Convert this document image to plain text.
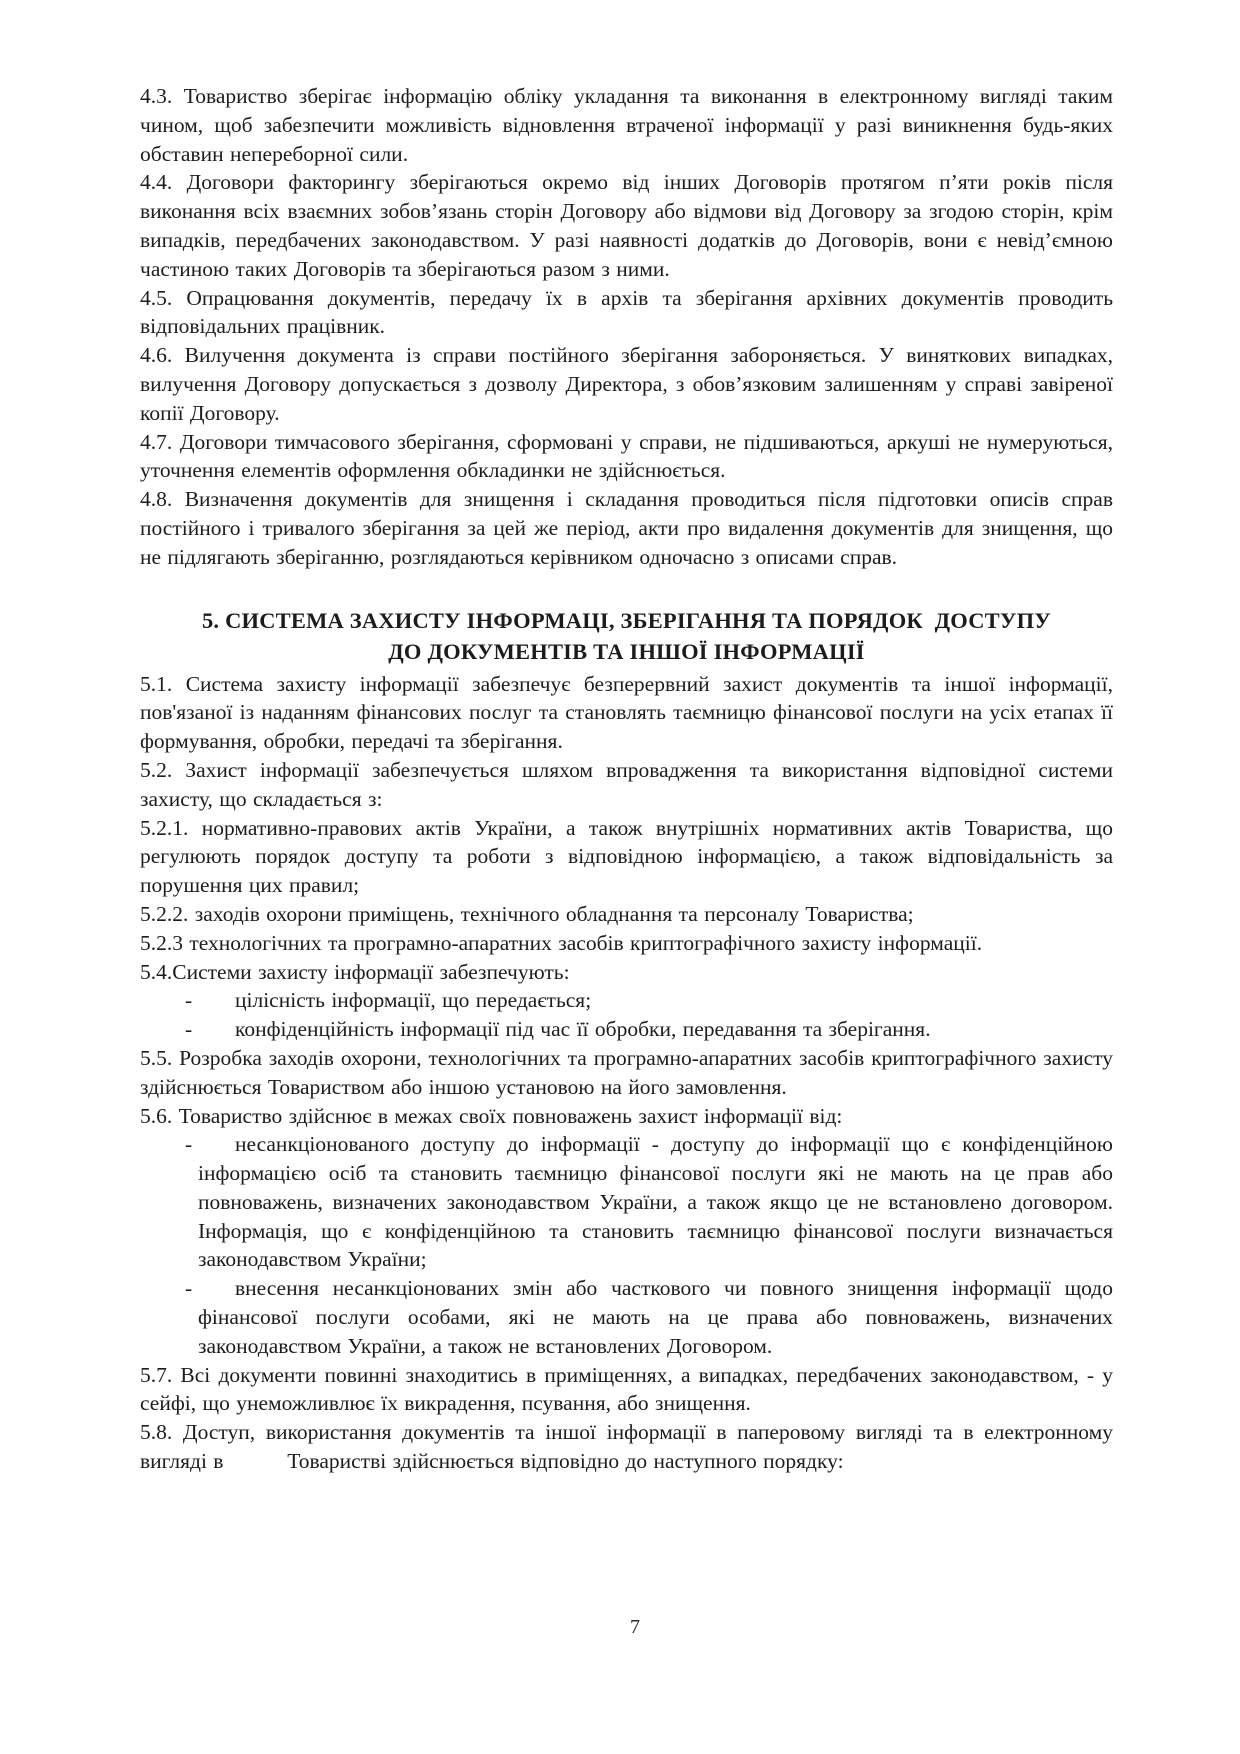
4.3. Товариство зберігає інформацію обліку укладання та виконання в електронному вигляді таким чином, щоб забезпечити можливість відновлення втраченої інформації у разі виникнення будь-яких обставин непереборної сили.

4.4. Договори факторингу зберігаються окремо від інших Договорів протягом п’яти років після виконання всіх взаємних зобов’язань сторін Договору або відмови від Договору за згодою сторін, крім випадків, передбачених законодавством. У разі наявності додатків до Договорів, вони є невід’ємною частиною таких Договорів та зберігаються разом з ними.

4.5. Опрацювання документів, передачу їх в архів та зберігання архівних документів проводить відповідальних працівник.

4.6. Вилучення документа із справи постійного зберігання забороняється. У виняткових випадках, вилучення Договору допускається з дозволу Директора, з обов’язковим залишенням у справі завіреної копії Договору.

4.7. Договори тимчасового зберігання, сформовані у справи, не підшиваються, аркуші не нумеруються, уточнення елементів оформлення обкладинки не здійснюється.

4.8. Визначення документів для знищення і складання проводиться після підготовки описів справ постійного і тривалого зберігання за цей же період, акти про видалення документів для знищення, що не підлягають зберіганню, розглядаються керівником одночасно з описами справ.

5. СИСТЕМА ЗАХИСТУ ІНФОРМАЦІ, ЗБЕРІГАННЯ ТА ПОРЯДОК  ДОСТУПУ
ДО ДОКУМЕНТІВ ТА ІНШОЇ ІНФОРМАЦІЇ

5.1. Система захисту інформації забезпечує безперервний захист документів та іншої інформації, пов'язаної із наданням фінансових послуг та становлять таємницю фінансової послуги на усіх етапах її формування, обробки, передачі та зберігання.

5.2. Захист інформації забезпечується шляхом впровадження та використання відповідної системи захисту, що складається з:

5.2.1. нормативно-правових актів України, а також внутрішніх нормативних актів Товариства, що регулюють порядок доступу та роботи з відповідною інформацією, а також відповідальність за порушення цих правил;

5.2.2. заходів охорони приміщень, технічного обладнання та персоналу Товариства;

5.2.3 технологічних та програмно-апаратних засобів криптографічного захисту інформації.

5.4.Системи захисту інформації забезпечують:

- цілісність інформації, що передається;
- конфіденційність інформації під час її обробки, передавання та зберігання.

5.5. Розробка заходів охорони, технологічних та програмно-апаратних засобів криптографічного захисту здійснюється Товариством або іншою установою на його замовлення.

5.6. Товариство здійснює в межах своїх повноважень захист інформації від:

- несанкціонованого доступу до інформації - доступу до інформації що є конфіденційною інформацією осіб та становить таємницю фінансової послуги які не мають на це прав або повноважень, визначених законодавством України, а також якщо це не встановлено договором. Інформація, що є конфіденційною та становить таємницю фінансової послуги визначається законодавством України;
- внесення несанкціонованих змін або часткового чи повного знищення інформації щодо фінансової послуги особами, які не мають на це права або повноважень, визначених законодавством України, а також не встановлених Договором.

5.7. Всі документи повинні знаходитись в приміщеннях, а випадках, передбачених законодавством, - у сейфі, що унеможливлює їх викрадення, псування, або знищення.

5.8. Доступ, використання документів та іншої інформації в паперовому вигляді та в електронному вигляді в          Товаристві здійснюється відповідно до наступного порядку:

7
